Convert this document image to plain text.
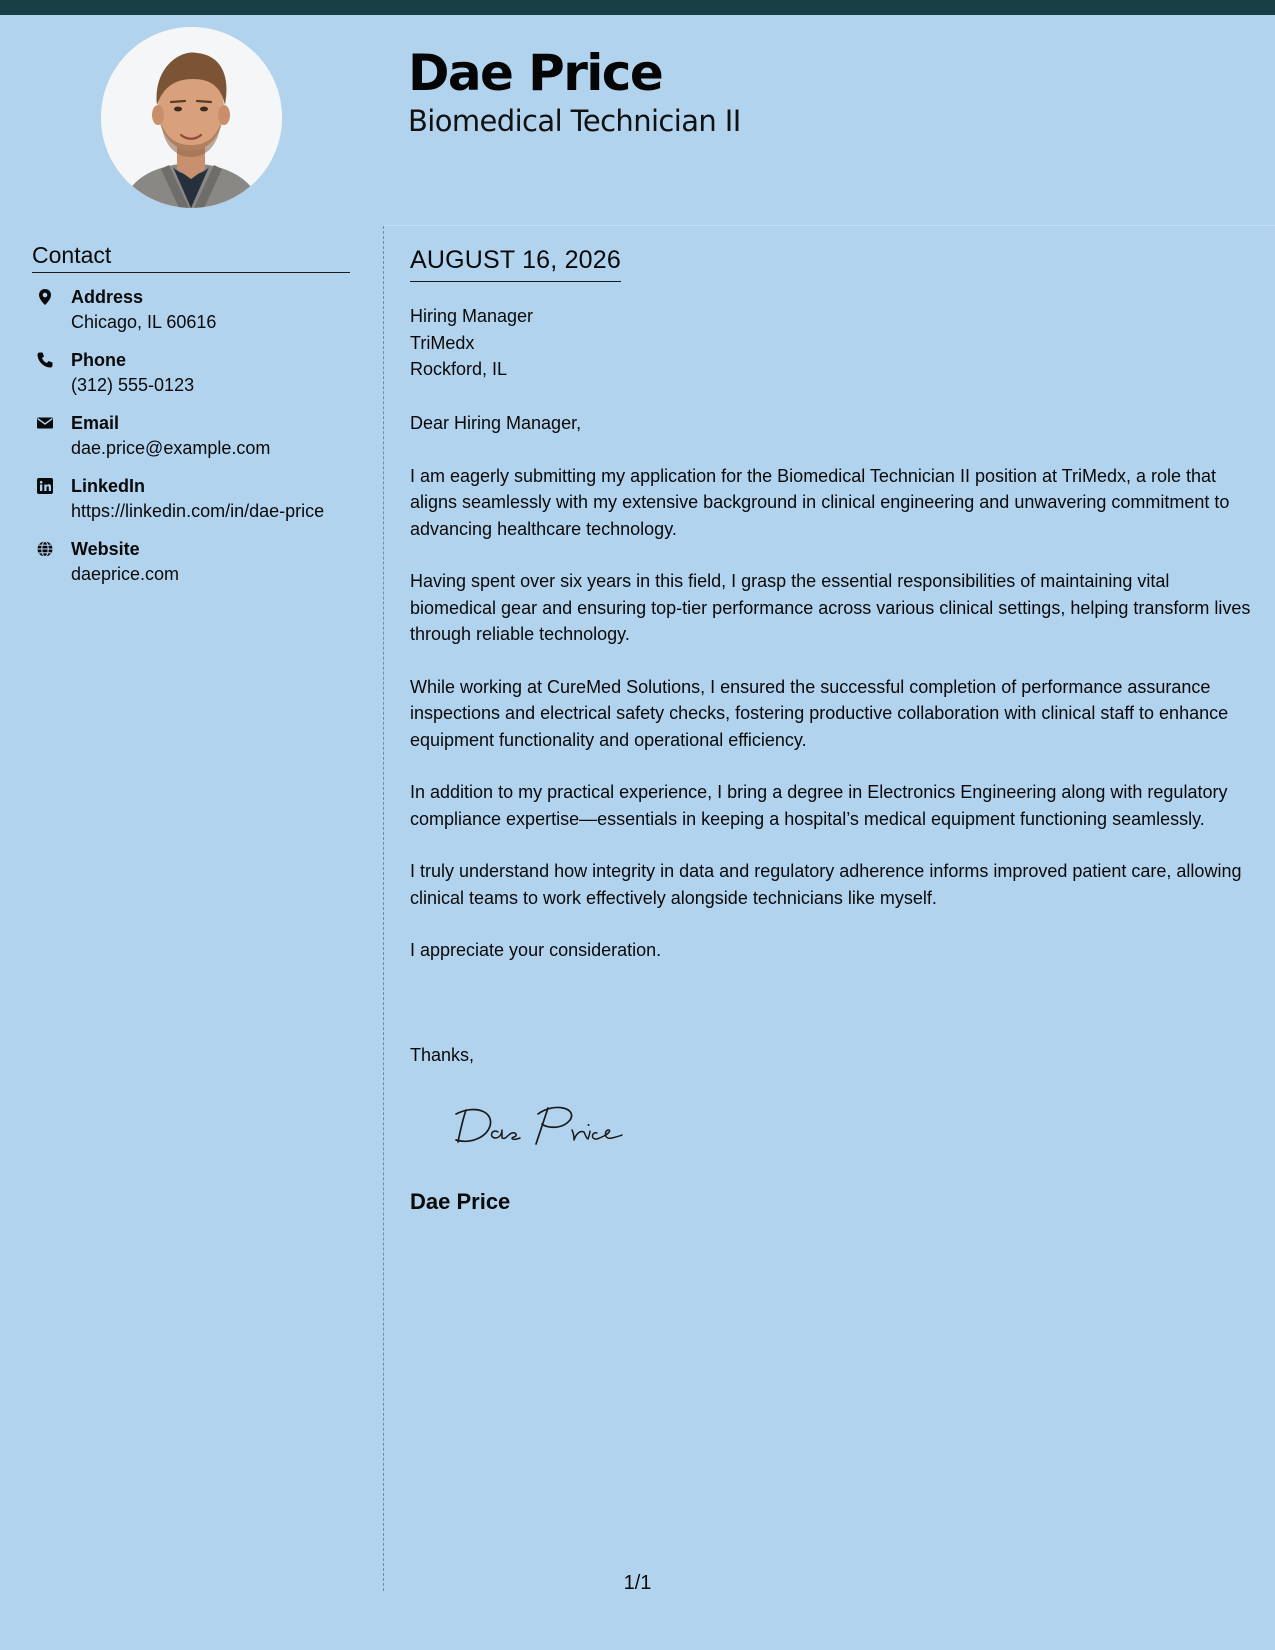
Dae Price
Biomedical Technician II
Contact
Address
Chicago, IL 60616
Phone
(312) 555-0123
Email
dae.price@example.com
LinkedIn
https://linkedin.com/in/dae-price
Website
daeprice.com
AUGUST 16, 2026
Hiring Manager
TriMedx
Rockford, IL

Dear Hiring Manager,

I am eagerly submitting my application for the Biomedical Technician II position at TriMedx, a role that aligns seamlessly with my extensive background in clinical engineering and unwavering commitment to advancing healthcare technology.

Having spent over six years in this field, I grasp the essential responsibilities of maintaining vital biomedical gear and ensuring top-tier performance across various clinical settings, helping transform lives through reliable technology.

While working at CureMed Solutions, I ensured the successful completion of performance assurance inspections and electrical safety checks, fostering productive collaboration with clinical staff to enhance equipment functionality and operational efficiency.

In addition to my practical experience, I bring a degree in Electronics Engineering along with regulatory compliance expertise—essentials in keeping a hospital’s medical equipment functioning seamlessly.

I truly understand how integrity in data and regulatory adherence informs improved patient care, allowing clinical teams to work effectively alongside technicians like myself.

I appreciate your consideration.

Thanks,
Dae Price
1/1
